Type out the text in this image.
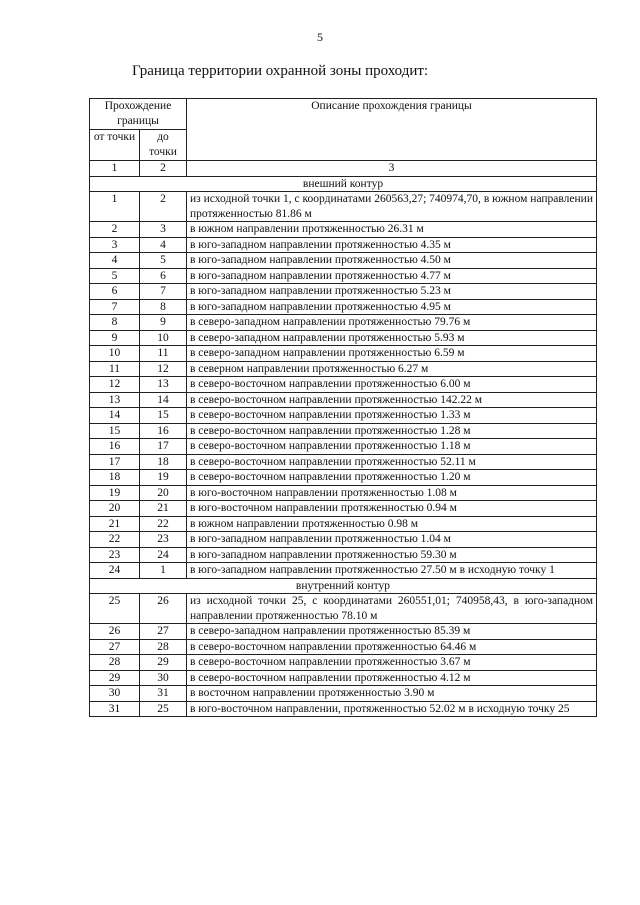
5
Граница территории охранной зоны проходит:
Прохождение границы		Описание прохождения границы
от точки	до точки	
1	2	3
внешний контур		
1	2	из исходной точки 1, с координатами 260563,27; 740974,70, в южном направлении протяженностью 81.86 м
2	3	в южном направлении протяженностью 26.31 м
3	4	в юго-западном направлении протяженностью 4.35 м
4	5	в юго-западном направлении протяженностью 4.50 м
5	6	в юго-западном направлении протяженностью 4.77 м
6	7	в юго-западном направлении протяженностью 5.23 м
7	8	в юго-западном направлении протяженностью 4.95 м
8	9	в северо-западном направлении протяженностью 79.76 м
9	10	в северо-западном направлении протяженностью 5.93 м
10	11	в северо-западном направлении протяженностью 6.59 м
11	12	в северном направлении протяженностью 6.27 м
12	13	в северо-восточном направлении протяженностью 6.00 м
13	14	в северо-восточном направлении протяженностью 142.22 м
14	15	в северо-восточном направлении протяженностью 1.33 м
15	16	в северо-восточном направлении протяженностью 1.28 м
16	17	в северо-восточном направлении протяженностью 1.18 м
17	18	в северо-восточном направлении протяженностью 52.11 м
18	19	в северо-восточном направлении протяженностью 1.20 м
19	20	в юго-восточном направлении протяженностью 1.08 м
20	21	в юго-восточном направлении протяженностью 0.94 м
21	22	в южном направлении протяженностью 0.98 м
22	23	в юго-западном направлении протяженностью 1.04 м
23	24	в юго-западном направлении протяженностью 59.30 м
24	1	в юго-западном направлении протяженностью 27.50 м в исходную точку 1
внутренний контур		
25	26	из исходной точки 25, с координатами 260551,01; 740958,43, в юго-западном направлении протяженностью 78.10 м
26	27	в северо-западном направлении протяженностью 85.39 м
27	28	в северо-восточном направлении протяженностью 64.46 м
28	29	в северо-восточном направлении протяженностью 3.67 м
29	30	в северо-восточном направлении протяженностью 4.12 м
30	31	в восточном направлении протяженностью 3.90 м
31	25	в юго-восточном направлении, протяженностью 52.02 м в исходную точку 25
